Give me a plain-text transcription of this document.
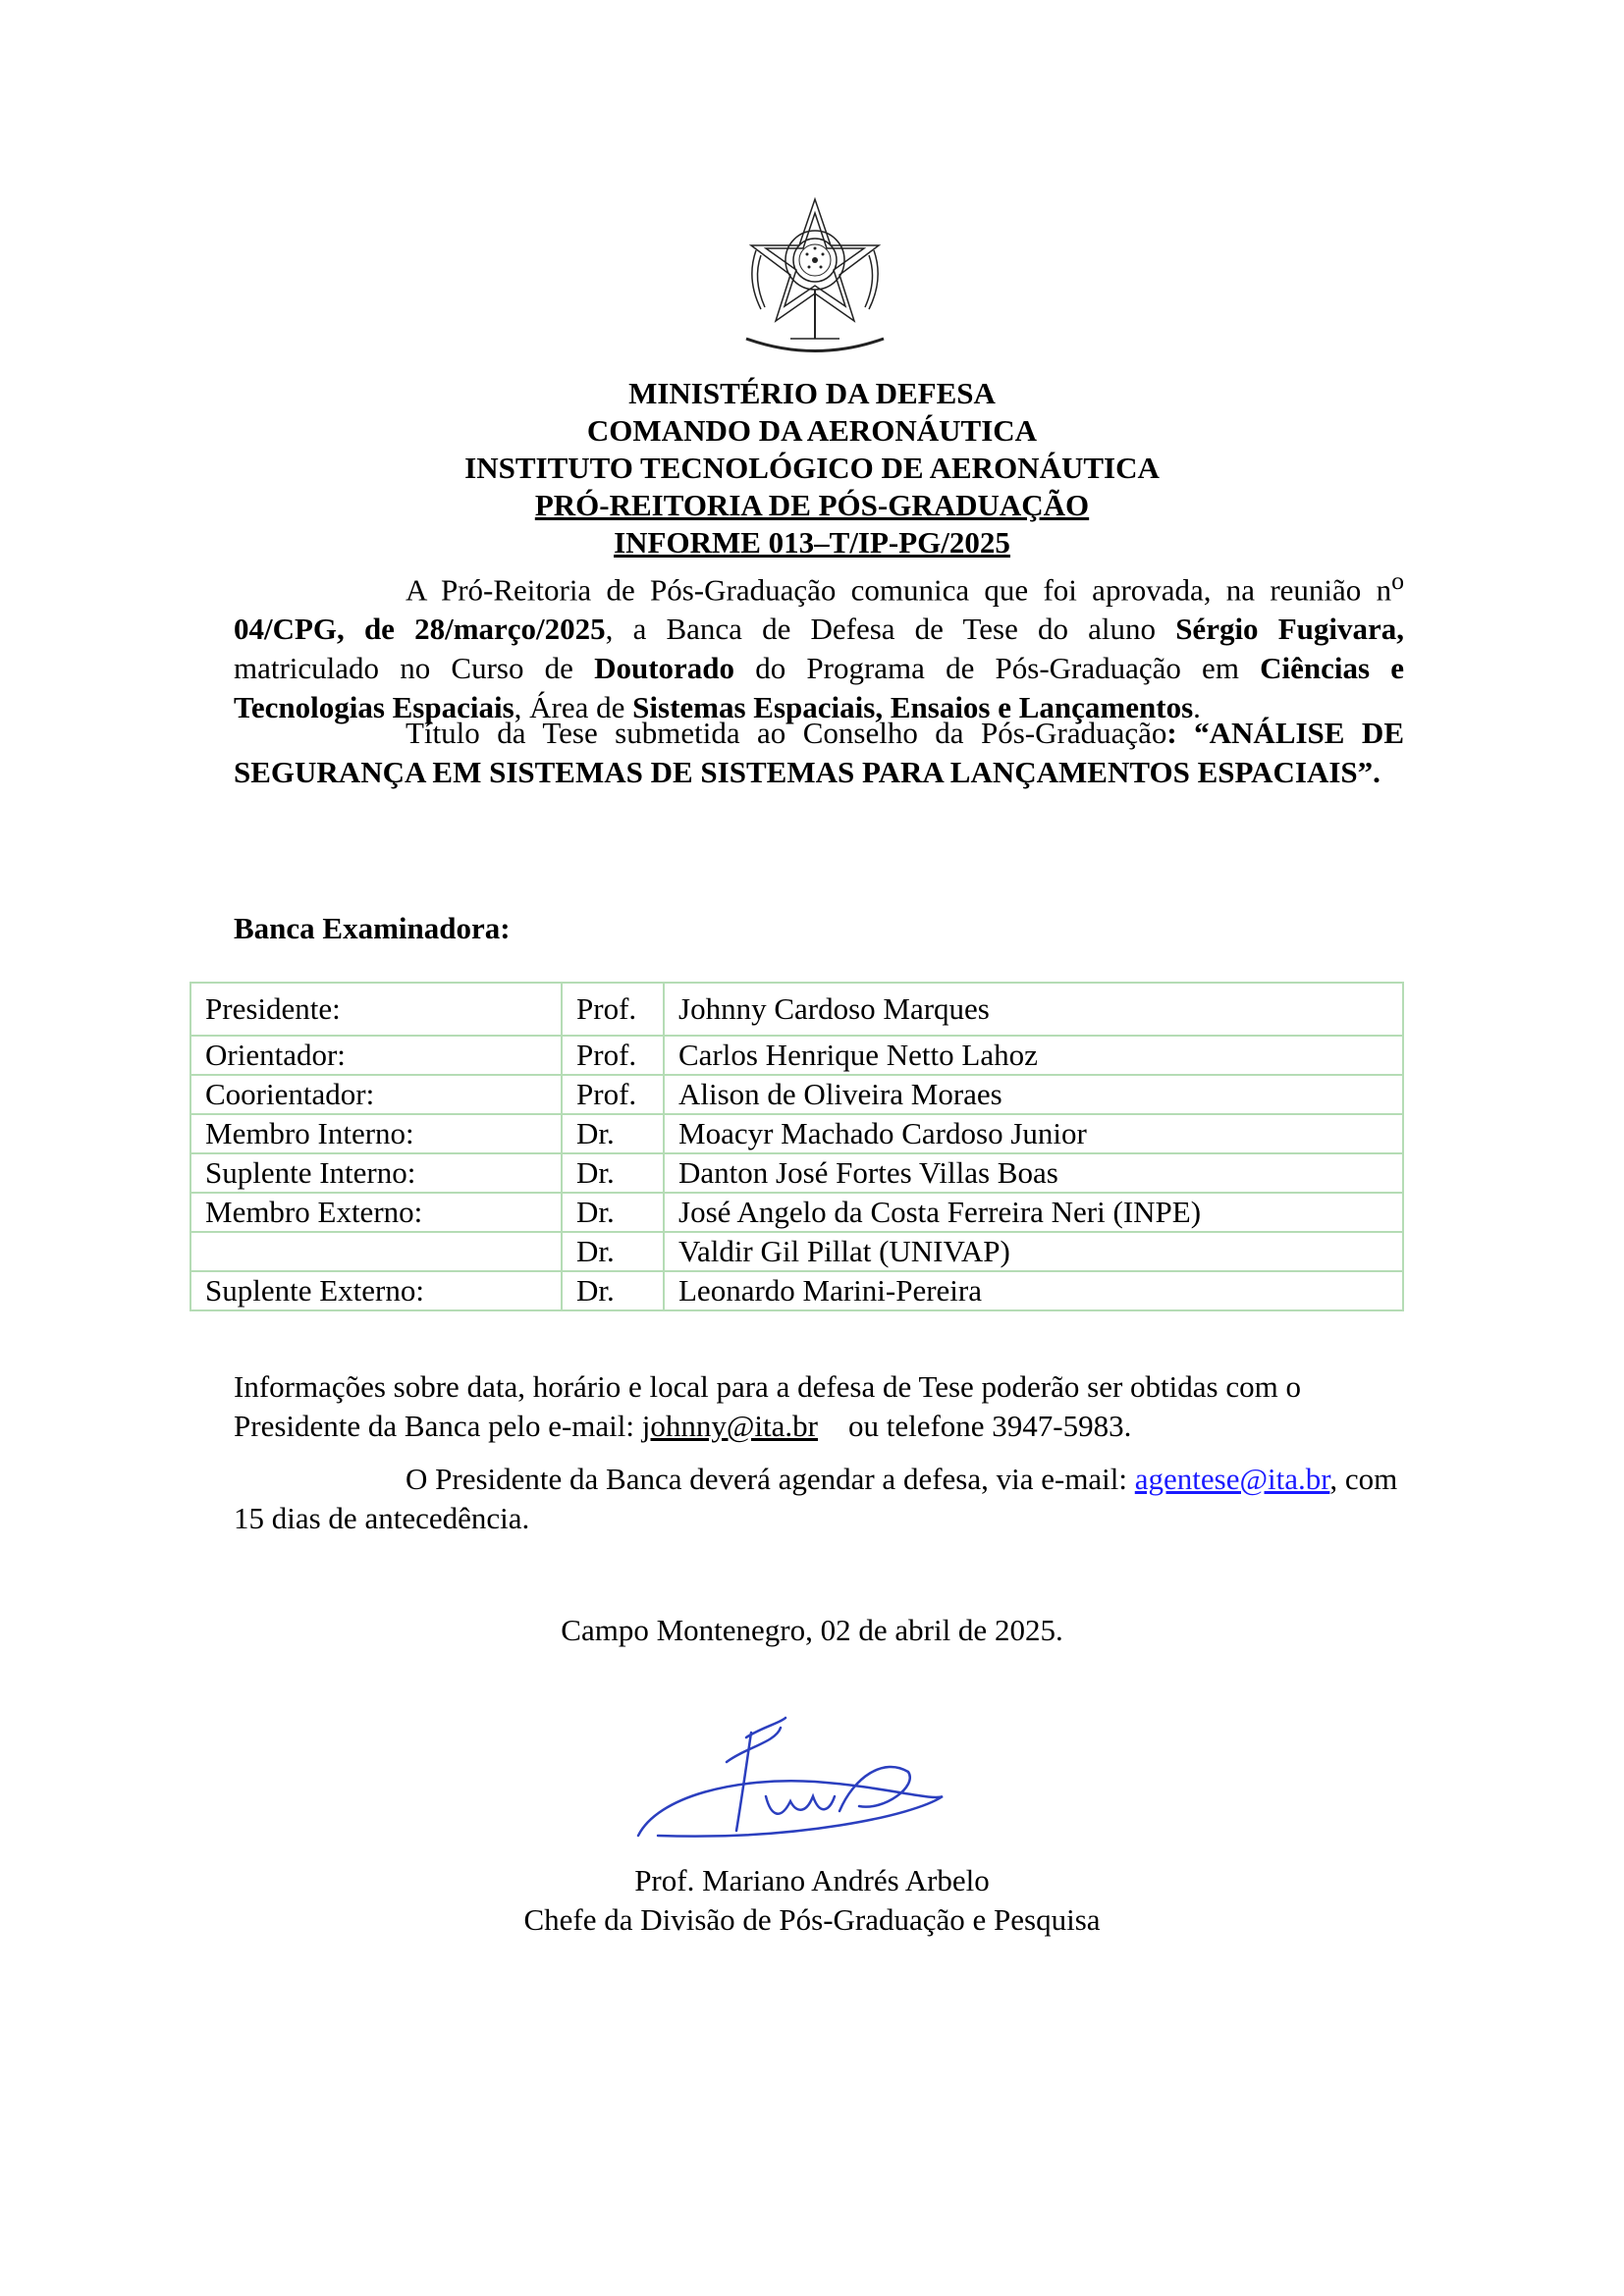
MINISTÉRIO DA DEFESA
COMANDO DA AERONÁUTICA
INSTITUTO TECNOLÓGICO DE AERONÁUTICA
PRÓ-REITORIA DE PÓS-GRADUAÇÃO
INFORME 013–T/IP-PG/2025
A Pró-Reitoria de Pós-Graduação comunica que foi aprovada, na reunião $n^o$ 04/CPG, de 28/março/2025, a Banca de Defesa de Tese do aluno Sérgio Fugivara, matriculado no Curso de Doutorado do Programa de Pós-Graduação em Ciências e Tecnologias Espaciais, Área de Sistemas Espaciais, Ensaios e Lançamentos.
Título da Tese submetida ao Conselho da Pós-Graduação: “ANÁLISE DE SEGURANÇA EM SISTEMAS DE SISTEMAS PARA LANÇAMENTOS ESPACIAIS”.
Banca Examinadora:
Presidente:	Prof.	Johnny Cardoso Marques
Orientador:	Prof.	Carlos Henrique Netto Lahoz
Coorientador:	Prof.	Alison de Oliveira Moraes
Membro Interno:	Dr.	Moacyr Machado Cardoso Junior
Suplente Interno:	Dr.	Danton José Fortes Villas Boas
Membro Externo:	Dr.	José Angelo da Costa Ferreira Neri (INPE)
	Dr.	Valdir Gil Pillat (UNIVAP)
Suplente Externo:	Dr.	Leonardo Marini-Pereira
Informações sobre data, horário e local para a defesa de Tese poderão ser obtidas com o Presidente da Banca pelo e-mail: johnny@ita.br ou telefone 3947-5983.
O Presidente da Banca deverá agendar a defesa, via e-mail: agentese@ita.br, com 15 dias de antecedência.
Campo Montenegro, 02 de abril de 2025.
Prof. Mariano Andrés Arbelo
Chefe da Divisão de Pós-Graduação e Pesquisa
